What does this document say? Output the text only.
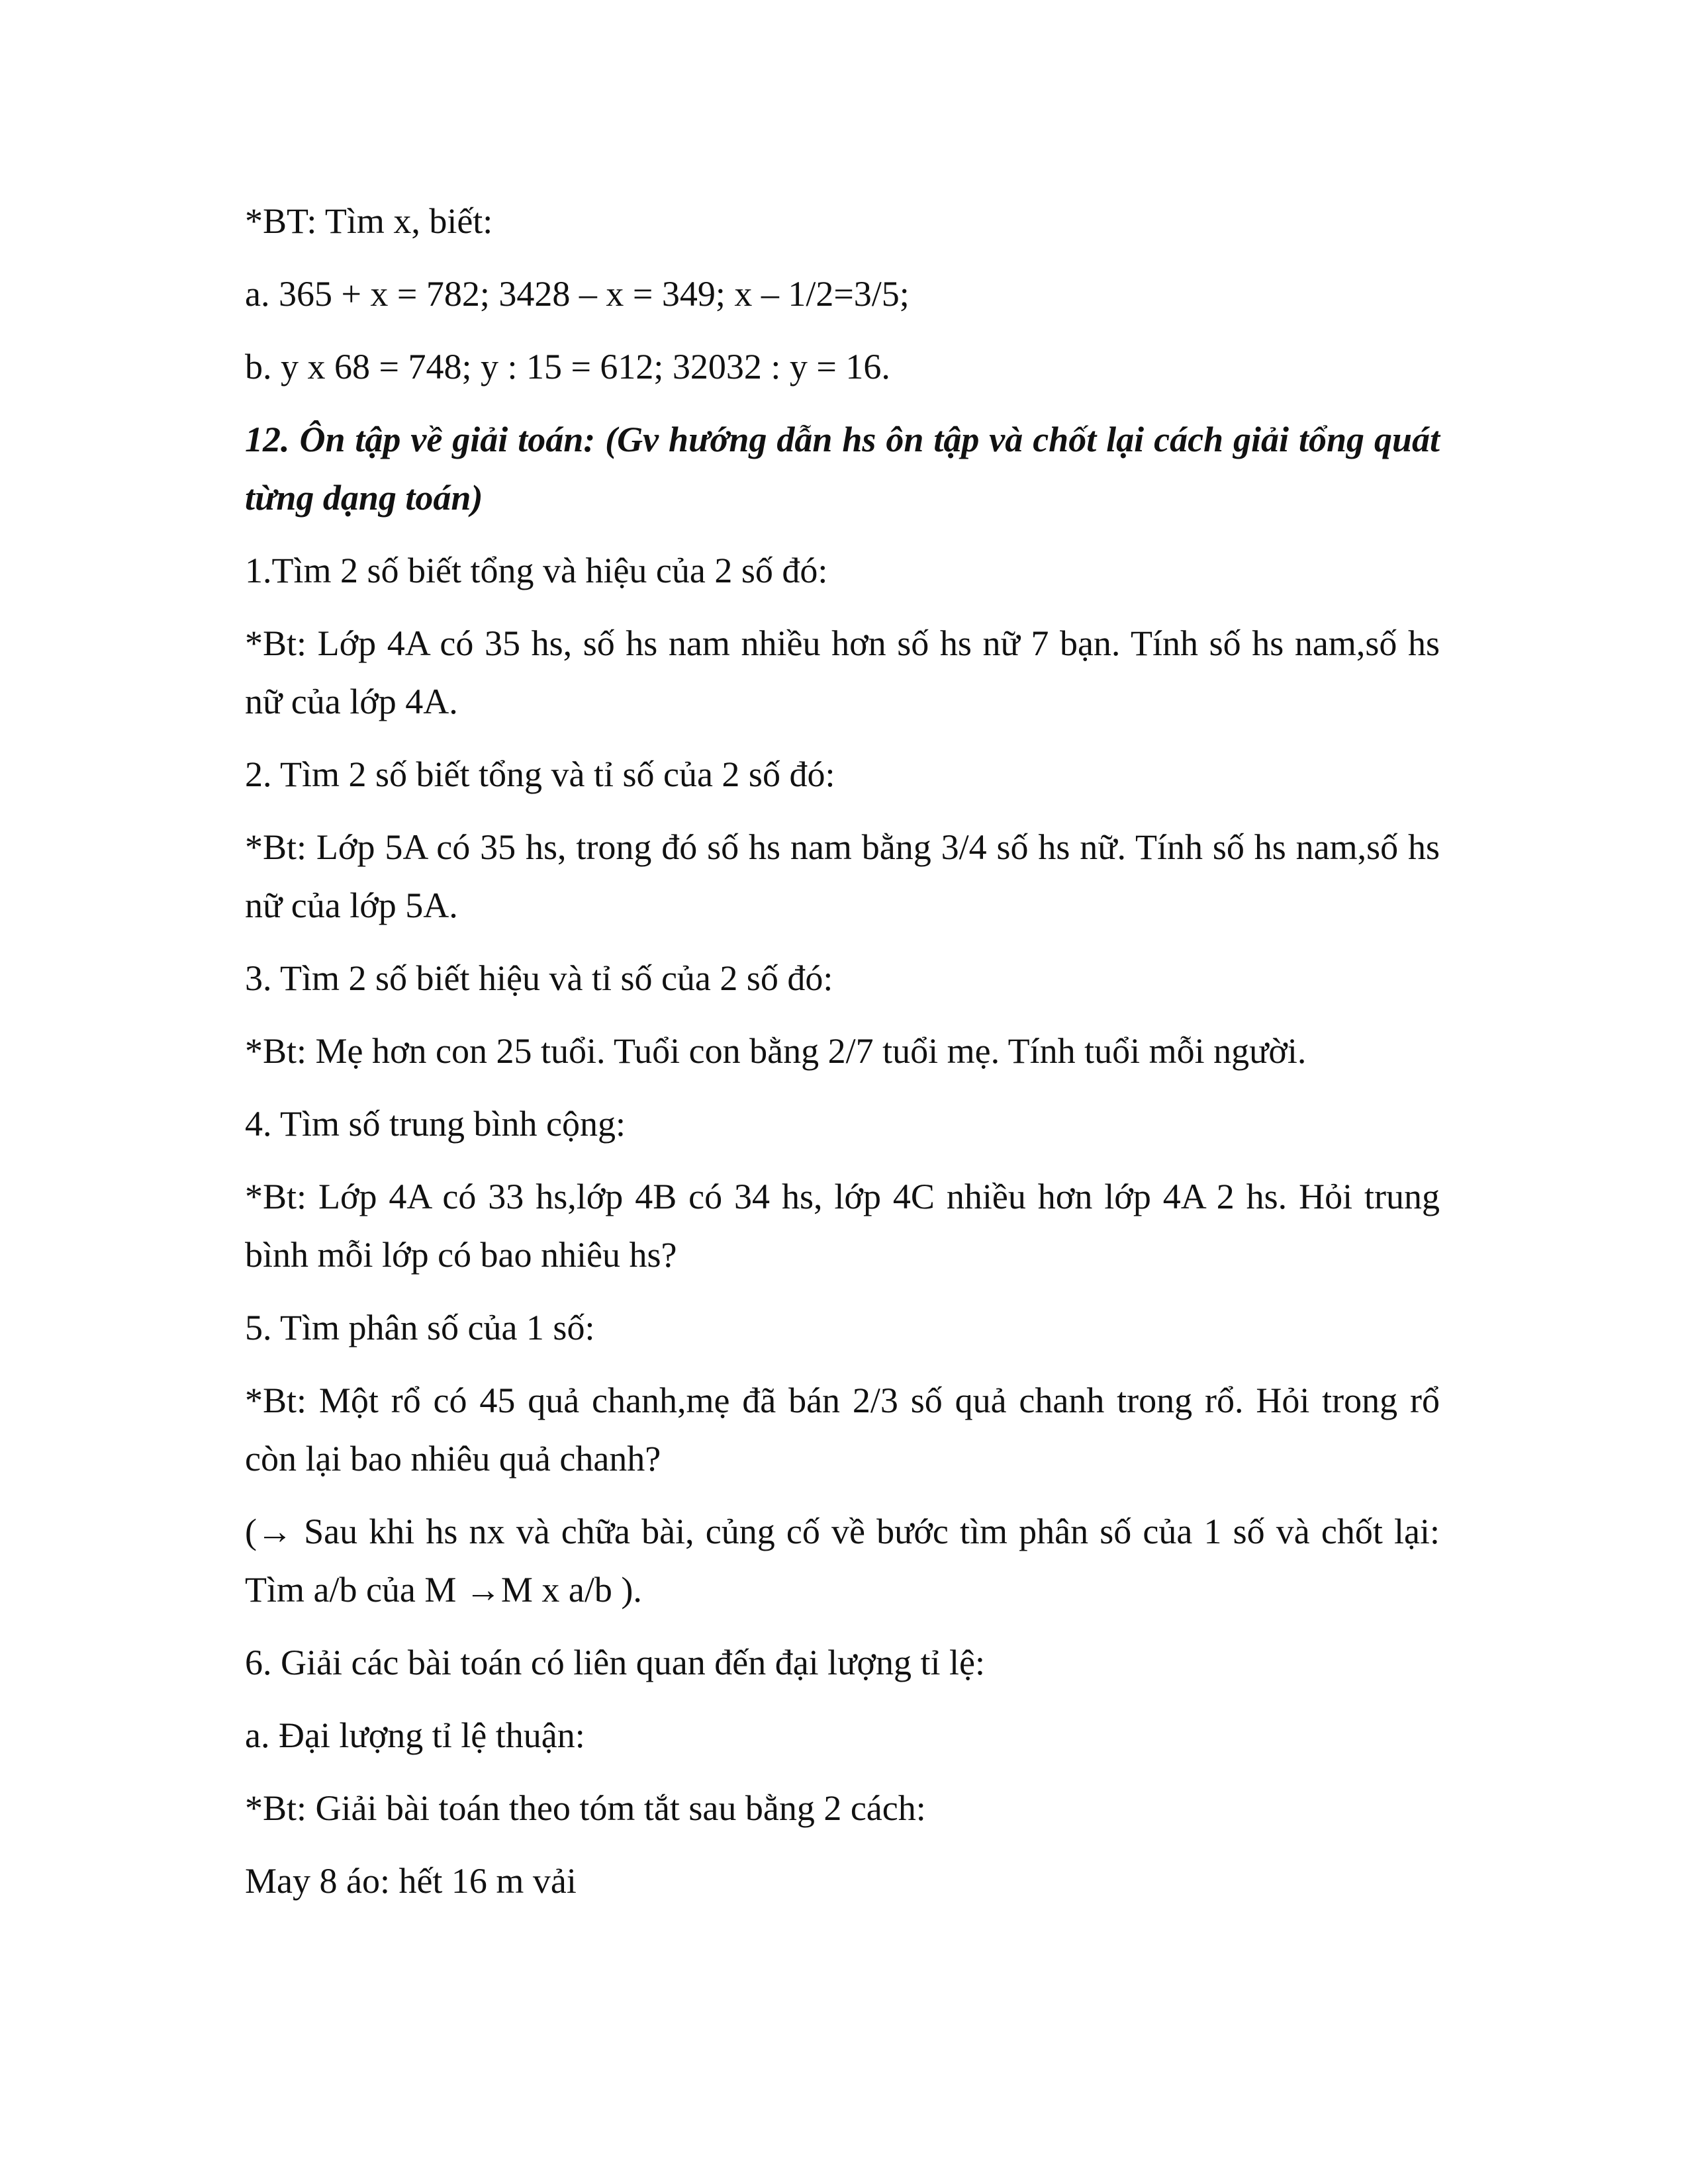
*BT: Tìm x, biết:
a. 365 + x = 782; 3428 – x = 349; x – 1/2=3/5;
b. y x 68 = 748; y : 15 = 612; 32032 : y = 16.
12. Ôn tập về giải toán: (Gv hướng dẫn hs ôn tập và chốt lại cách giải tổng quát từng dạng toán)
1.Tìm 2 số biết tổng và hiệu của 2 số đó:
*Bt: Lớp 4A có 35 hs, số hs nam nhiều hơn số hs nữ 7 bạn. Tính số hs nam,số hs nữ của lớp 4A.
2. Tìm 2 số biết tổng và tỉ số của 2 số đó:
*Bt: Lớp 5A có 35 hs, trong đó số hs nam bằng 3/4 số hs nữ. Tính số hs nam,số hs nữ của lớp 5A.
3. Tìm 2 số biết hiệu và tỉ số của 2 số đó:
*Bt: Mẹ hơn con 25 tuổi. Tuổi con bằng 2/7 tuổi mẹ. Tính tuổi mỗi người.
4. Tìm số trung bình cộng:
*Bt: Lớp 4A có 33 hs,lớp 4B có 34 hs, lớp 4C nhiều hơn lớp 4A 2 hs. Hỏi trung bình mỗi lớp có bao nhiêu hs?
5. Tìm phân số của 1 số:
*Bt: Một rổ có 45 quả chanh,mẹ đã bán 2/3 số quả chanh trong rổ. Hỏi trong rổ còn lại bao nhiêu quả chanh?
(→ Sau khi hs nx và chữa bài, củng cố về bước tìm phân số của 1 số và chốt lại: Tìm a/b của M →M x a/b ).
6. Giải các bài toán có liên quan đến đại lượng tỉ lệ:
a. Đại lượng tỉ lệ thuận:
*Bt: Giải bài toán theo tóm tắt sau bằng 2 cách:
May 8 áo: hết 16 m vải
